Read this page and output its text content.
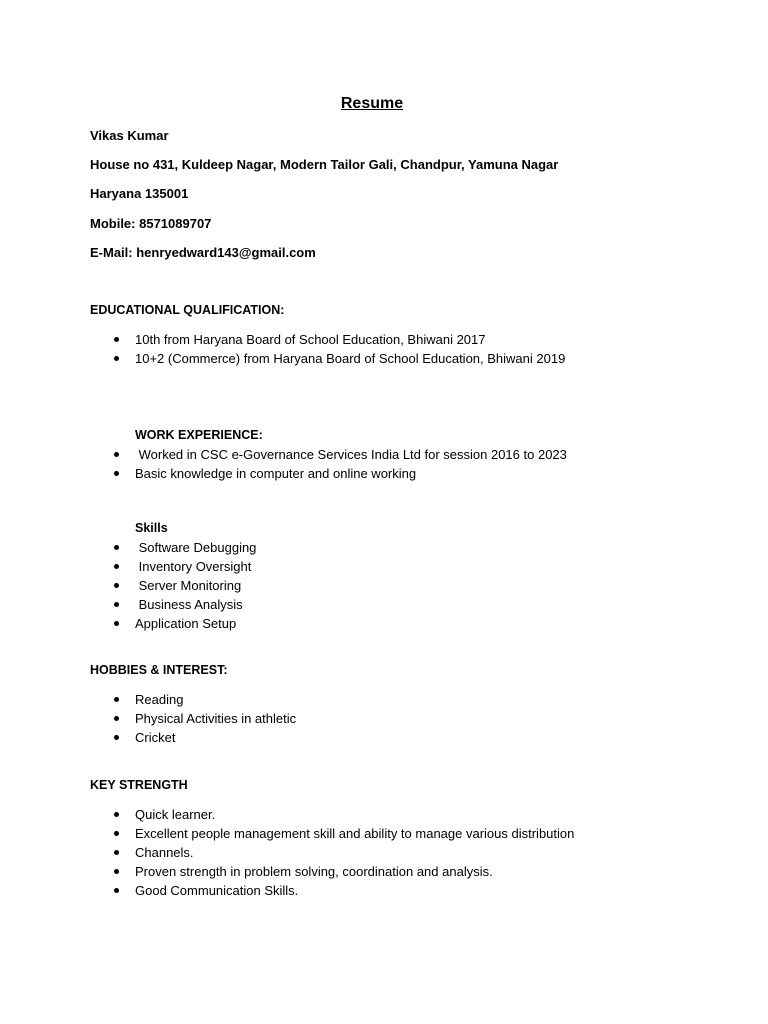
Resume
Vikas Kumar
House no 431, Kuldeep Nagar, Modern Tailor Gali, Chandpur, Yamuna Nagar
Haryana 135001
Mobile: 8571089707
E-Mail: henryedward143@gmail.com
EDUCATIONAL QUALIFICATION:
10th from Haryana Board of School Education, Bhiwani 2017
10+2 (Commerce) from Haryana Board of School Education, Bhiwani 2019
WORK EXPERIENCE:
Worked in CSC e-Governance Services India Ltd for session 2016 to 2023
Basic knowledge in computer and online working
Skills
Software Debugging
Inventory Oversight
Server Monitoring
Business Analysis
Application Setup
HOBBIES & INTEREST:
Reading
Physical Activities in athletic
Cricket
KEY STRENGTH
Quick learner.
Excellent people management skill and ability to manage various distribution
Channels.
Proven strength in problem solving, coordination and analysis.
Good Communication Skills.
